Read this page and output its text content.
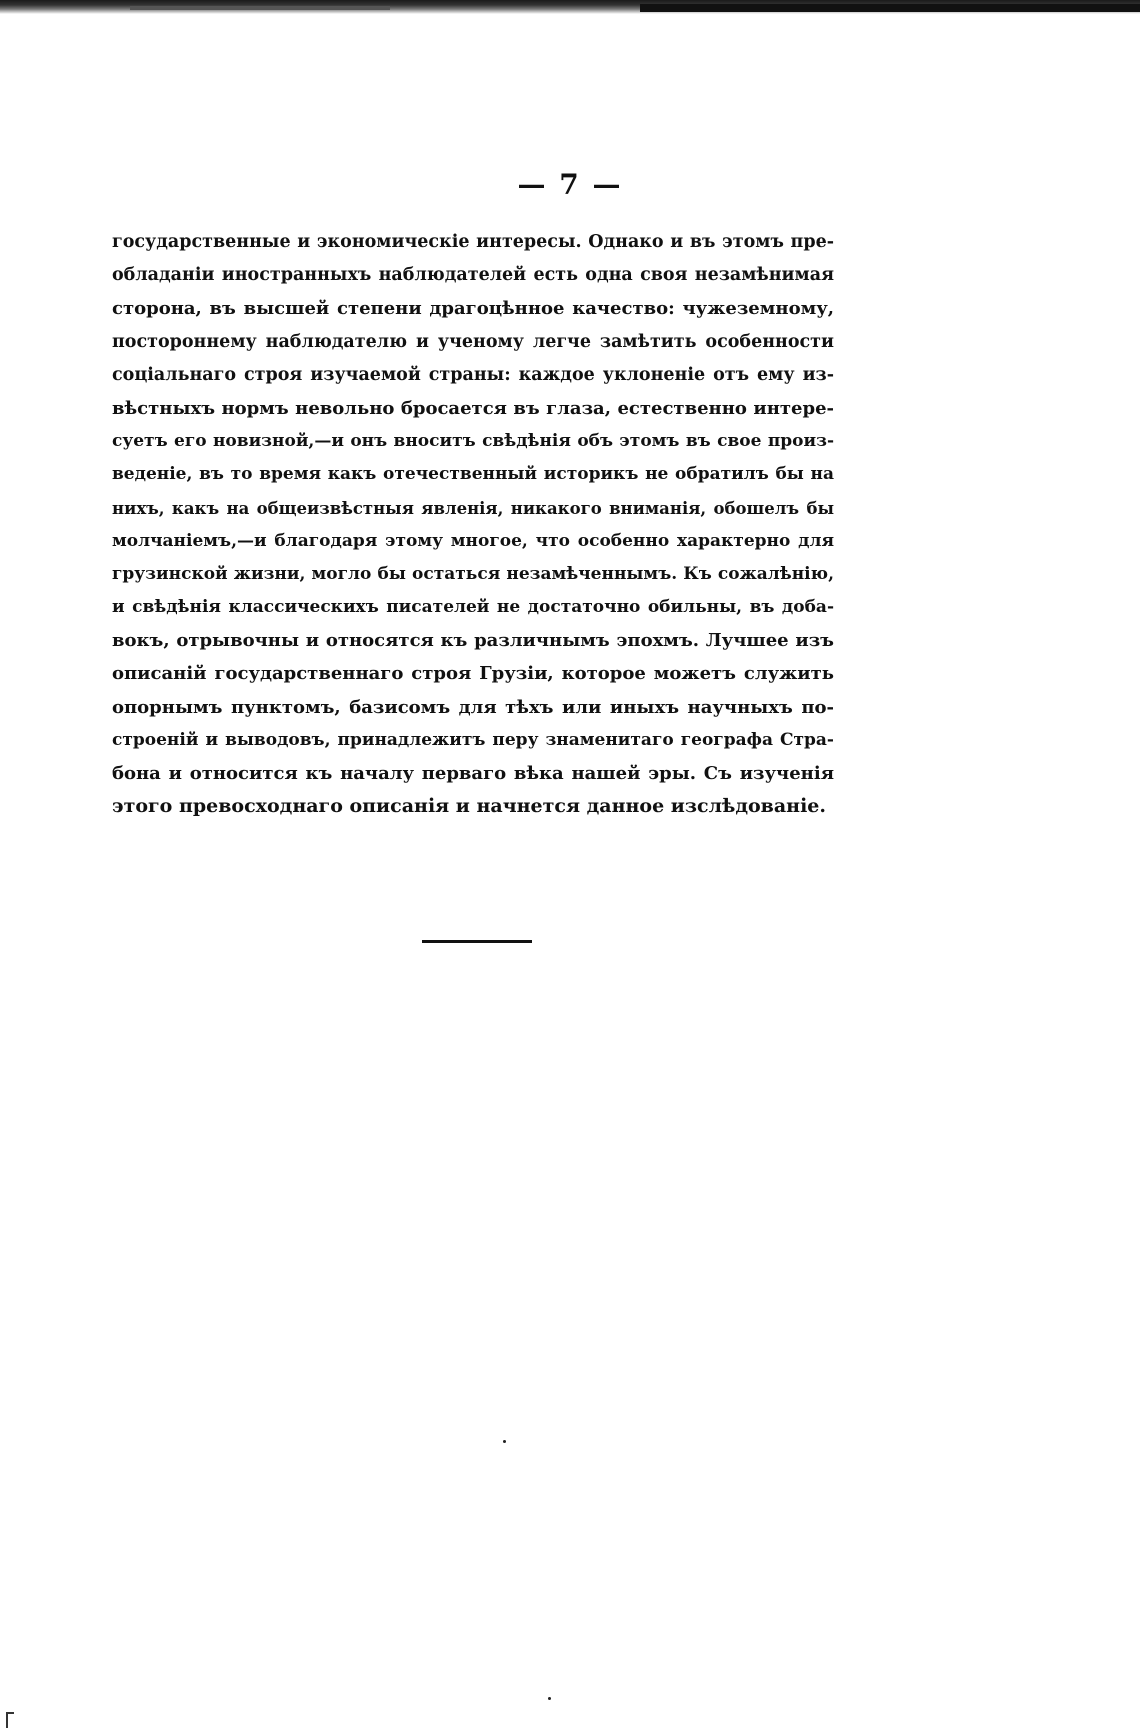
— 7 —
государственные и экономическіе интересы. Однако и въ этомъ пре-
обладаніи иностранныхъ наблюдателей есть одна своя незамѣнимая
сторона, въ высшей степени драгоцѣнное качество: чужеземному,
постороннему наблюдателю и ученому легче замѣтить особенности
соціальнаго строя изучаемой страны: каждое уклоненіе отъ ему из-
вѣстныхъ нормъ невольно бросается въ глаза, естественно интере-
суетъ его новизной,—и онъ вноситъ свѣдѣнія объ этомъ въ свое произ-
веденіе, въ то время какъ отечественный историкъ не обратилъ бы на
нихъ, какъ на общеизвѣстныя явленія, никакого вниманія, обошелъ бы
молчаніемъ,—и благодаря этому многое, что особенно характерно для
грузинской жизни, могло бы остаться незамѣченнымъ. Къ сожалѣнію,
и свѣдѣнія классическихъ писателей не достаточно обильны, въ доба-
вокъ, отрывочны и относятся къ различнымъ эпохмъ. Лучшее изъ
описаній государственнаго строя Грузіи, которое можетъ служить
опорнымъ пунктомъ, базисомъ для тѣхъ или иныхъ научныхъ по-
строеній и выводовъ, принадлежитъ перу знаменитаго географа Стра-
бона и относится къ началу перваго вѣка нашей эры. Съ изученія
этого превосходнаго описанія и начнется данное изслѣдованіе.
